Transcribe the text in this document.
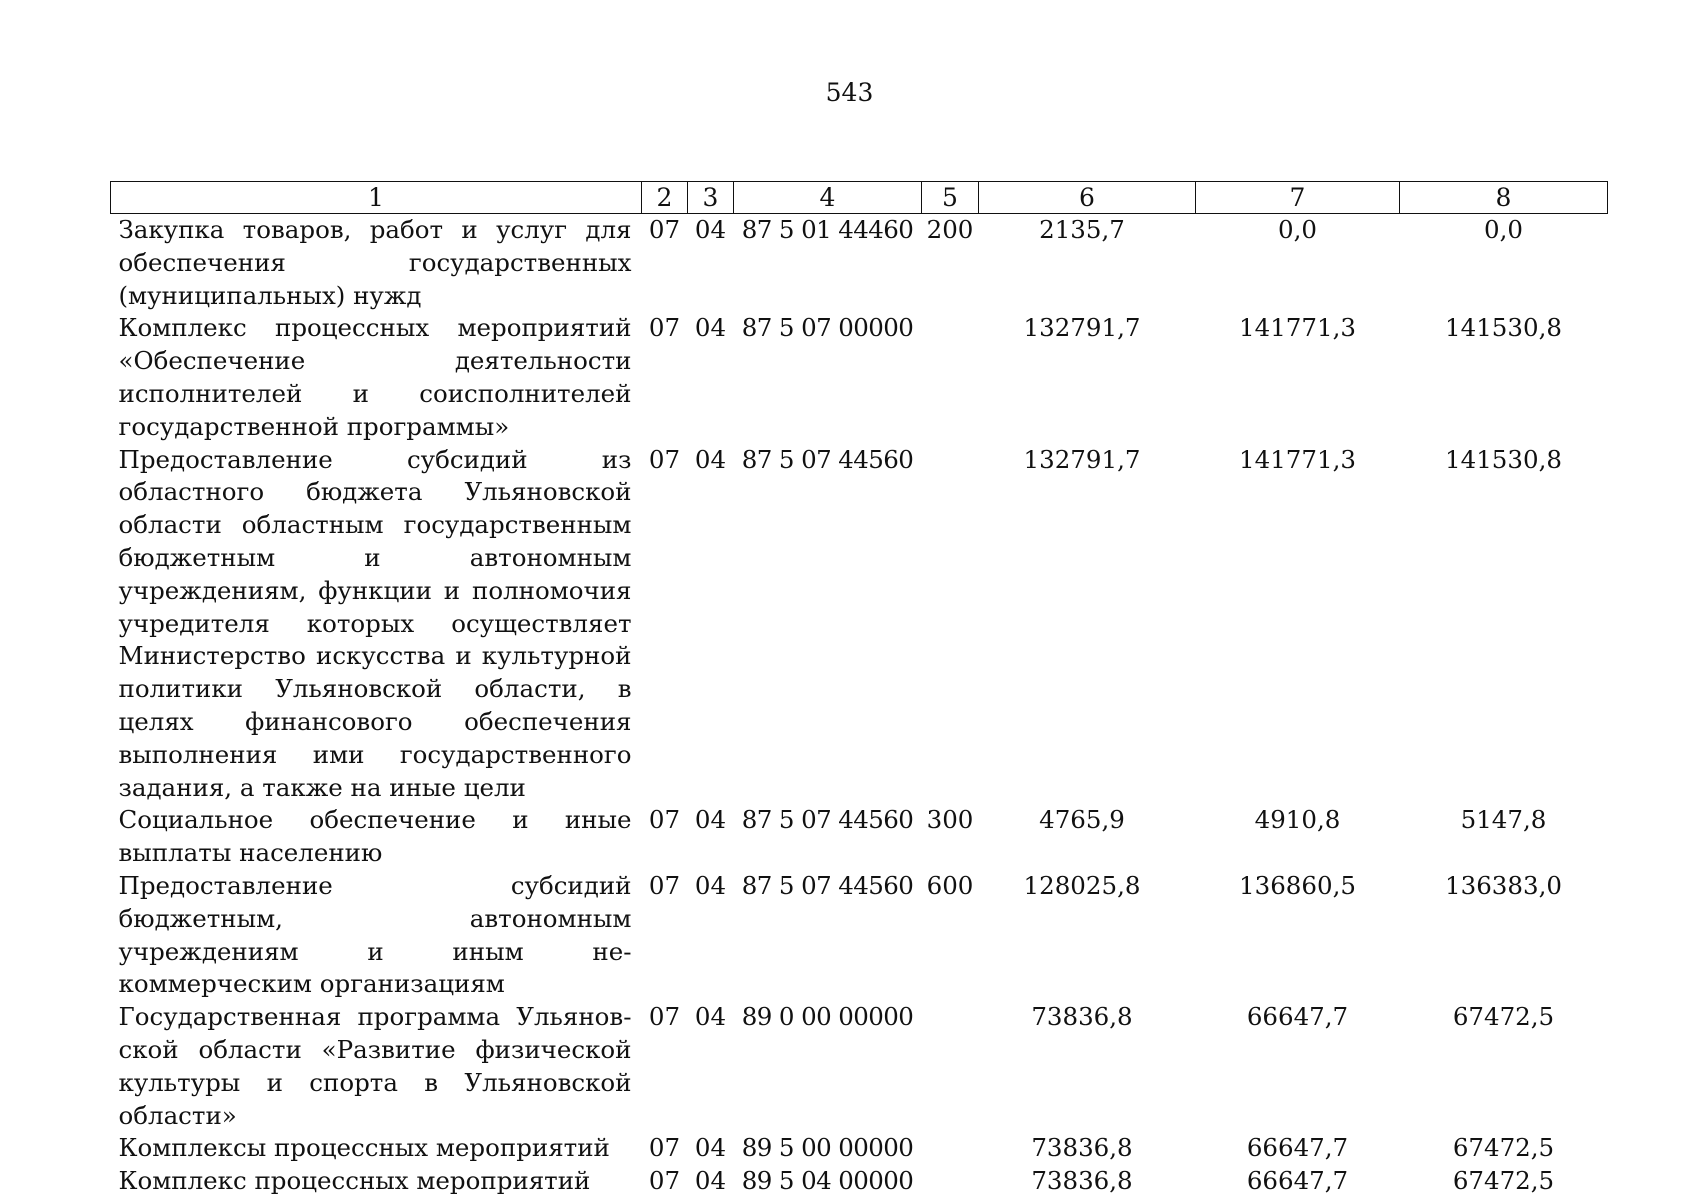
543
1	2	3	4	5	6	7	8
Закупка товаров, работ и услуг для обеспечения государственных (муниципальных) нужд	07	04	87 5 01 44460	200	2135,7	0,0	0,0
Комплекс процессных мероприятий «Обеспечение деятельности исполнителей и соисполнителей государственной программы»	07	04	87 5 07 00000		132791,7	141771,3	141530,8
Предоставление субсидий из областного бюджета Ульяновской области областным государственным бюджетным и автономным учреждениям, функции и полномочия учредителя которых осуществляет Министерство искусства и культурной политики Ульяновской области, в целях финансового обеспечения выполнения ими государственного задания, а также на иные цели	07	04	87 5 07 44560		132791,7	141771,3	141530,8
Социальное обеспечение и иные выплаты населению	07	04	87 5 07 44560	300	4765,9	4910,8	5147,8
Предоставление субсидий бюджетным, автономным учреждениям и иным некоммерческим организациям	07	04	87 5 07 44560	600	128025,8	136860,5	136383,0
Государственная программа Ульяновской области «Развитие физической культуры и спорта в Ульяновской области»	07	04	89 0 00 00000		73836,8	66647,7	67472,5
Комплексы процессных мероприятий	07	04	89 5 00 00000		73836,8	66647,7	67472,5
Комплекс процессных мероприятий	07	04	89 5 04 00000		73836,8	66647,7	67472,5
